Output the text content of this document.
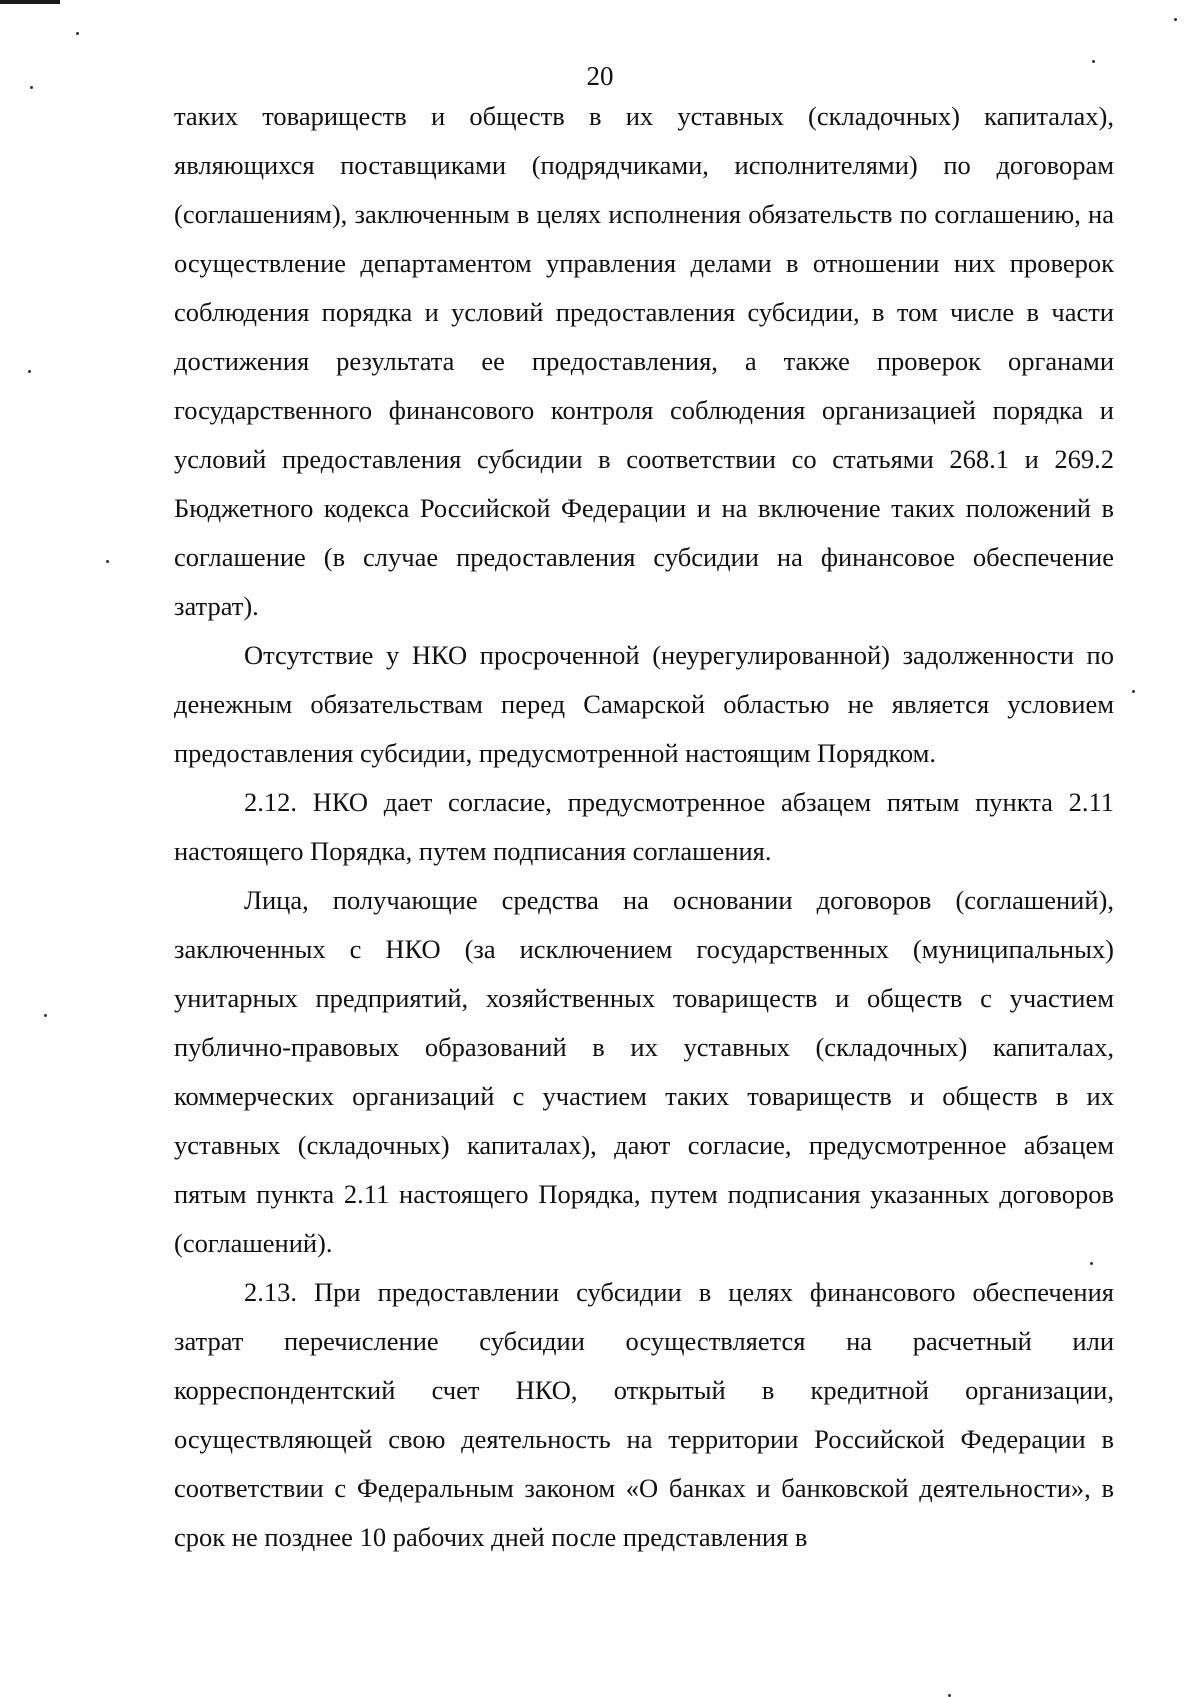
20

таких товариществ и обществ в их уставных (складочных) капиталах), являющихся поставщиками (подрядчиками, исполнителями) по договорам (соглашениям), заключенным в целях исполнения обязательств по соглашению, на осуществление департаментом управления делами в отношении них проверок соблюдения порядка и условий предоставления субсидии, в том числе в части достижения результата ее предоставления, а также проверок органами государственного финансового контроля соблюдения организацией порядка и условий предоставления субсидии в соответствии со статьями 268.1 и 269.2 Бюджетного кодекса Российской Федерации и на включение таких положений в соглашение (в случае предоставления субсидии на финансовое обеспечение затрат).

Отсутствие у НКО просроченной (неурегулированной) задолженности по денежным обязательствам перед Самарской областью не является условием предоставления субсидии, предусмотренной настоящим Порядком.

2.12. НКО дает согласие, предусмотренное абзацем пятым пункта 2.11 настоящего Порядка, путем подписания соглашения.

Лица, получающие средства на основании договоров (соглашений), заключенных с НКО (за исключением государственных (муниципальных) унитарных предприятий, хозяйственных товариществ и обществ с участием публично-правовых образований в их уставных (складочных) капиталах, коммерческих организаций с участием таких товариществ и обществ в их уставных (складочных) капиталах), дают согласие, предусмотренное абзацем пятым пункта 2.11 настоящего Порядка, путем подписания указанных договоров (соглашений).

2.13. При предоставлении субсидии в целях финансового обеспечения затрат перечисление субсидии осуществляется на расчетный или корреспондентский счет НКО, открытый в кредитной организации, осуществляющей свою деятельность на территории Российской Федерации в соответствии с Федеральным законом «О банках и банковской деятельности», в срок не позднее 10 рабочих дней после представления в
